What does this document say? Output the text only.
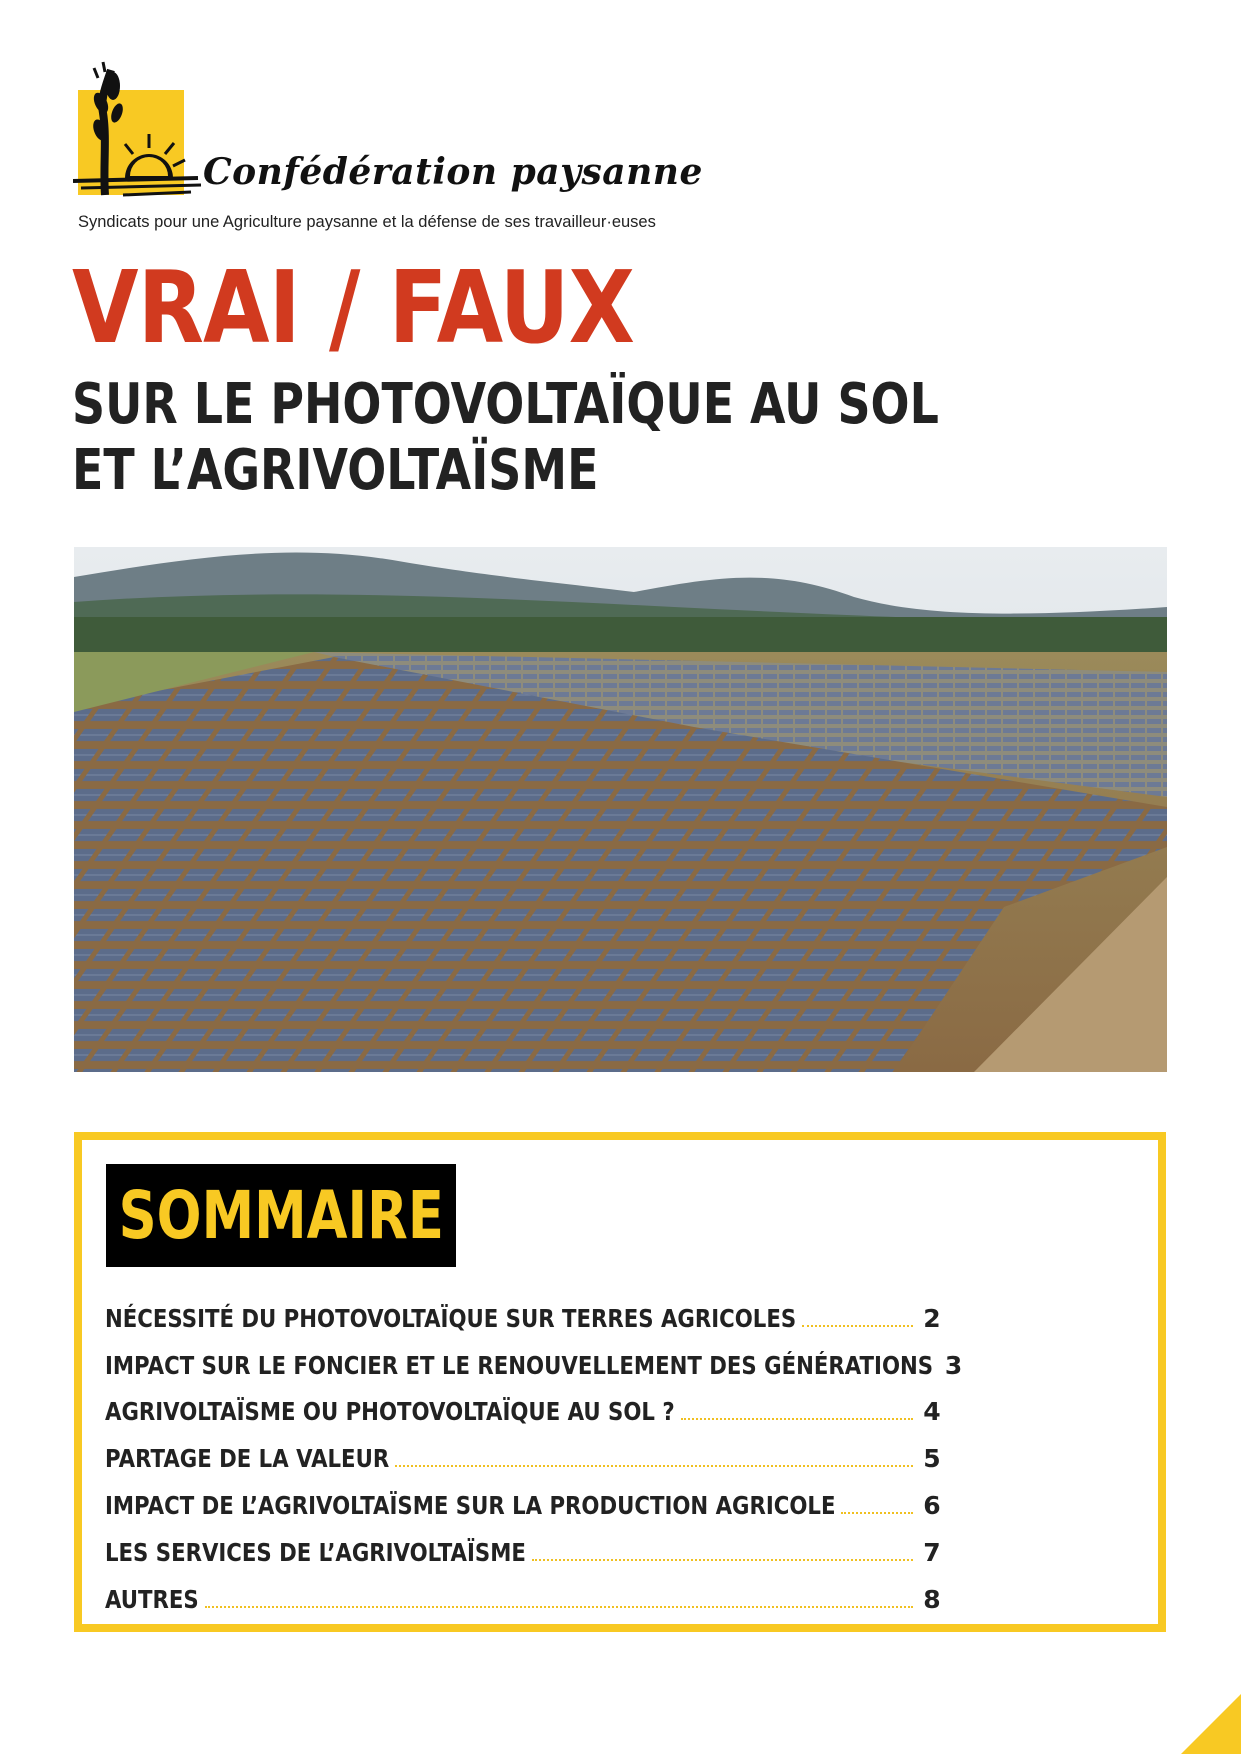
Confédération paysanne
Syndicats pour une Agriculture paysanne et la défense de ses travailleur·euses
VRAI / FAUX
SUR LE PHOTOVOLTAÏQUE AU SOL
ET L’AGRIVOLTAÏSME
SOMMAIRE
NÉCESSITÉ DU PHOTOVOLTAÏQUE SUR TERRES AGRICOLES	2
IMPACT SUR LE FONCIER ET LE RENOUVELLEMENT DES GÉNÉRATIONS 3
AGRIVOLTAÏSME OU PHOTOVOLTAÏQUE AU SOL ?	4
PARTAGE DE LA VALEUR	5
IMPACT DE L’AGRIVOLTAÏSME SUR LA PRODUCTION AGRICOLE	6
LES SERVICES DE L’AGRIVOLTAÏSME	7
AUTRES	8
